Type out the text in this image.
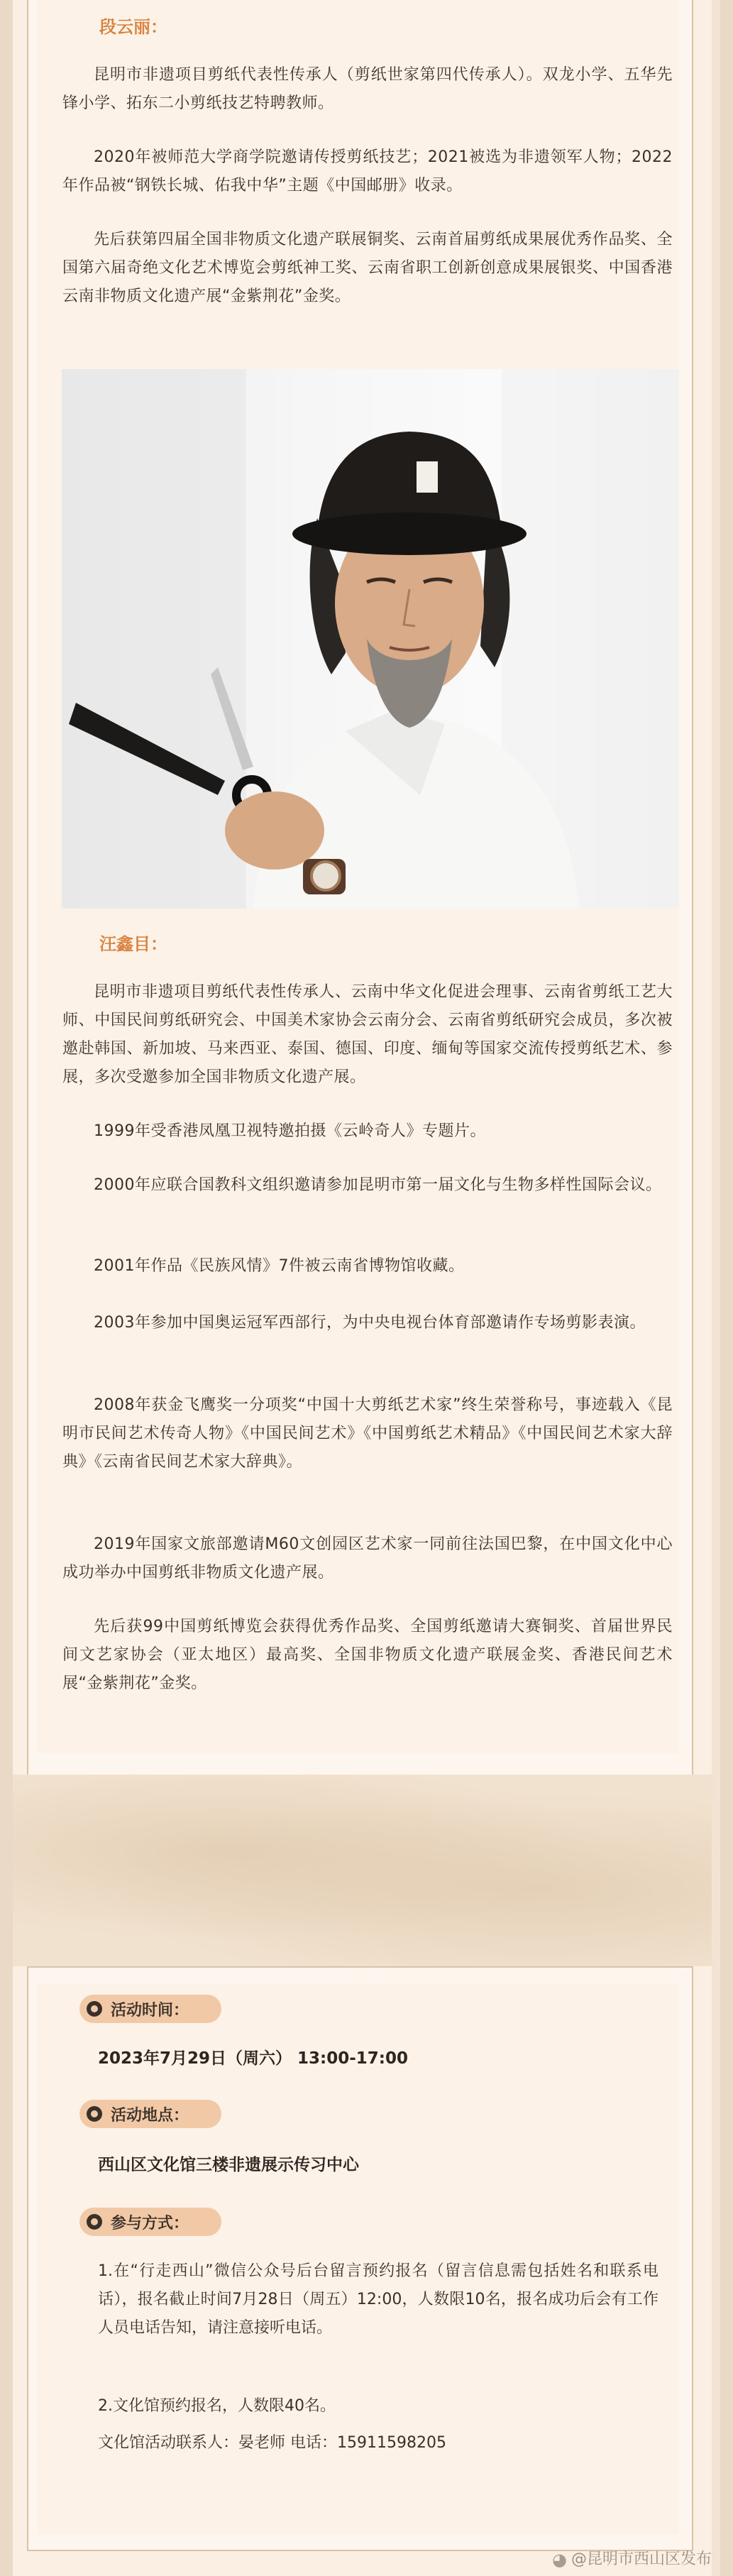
段云丽：

昆明市非遗项目剪纸代表性传承人（剪纸世家第四代传承人）。双龙小学、五华先锋小学、拓东二小剪纸技艺特聘教师。

2020年被师范大学商学院邀请传授剪纸技艺；2021被选为非遗领军人物；2022年作品被“钢铁长城、佑我中华”主题《中国邮册》收录。

先后获第四届全国非物质文化遗产联展铜奖、云南首届剪纸成果展优秀作品奖、全国第六届奇绝文化艺术博览会剪纸神工奖、云南省职工创新创意成果展银奖、中国香港云南非物质文化遗产展“金紫荆花”金奖。

汪鑫目：

昆明市非遗项目剪纸代表性传承人、云南中华文化促进会理事、云南省剪纸工艺大师、中国民间剪纸研究会、中国美术家协会云南分会、云南省剪纸研究会成员，多次被邀赴韩国、新加坡、马来西亚、泰国、德国、印度、缅甸等国家交流传授剪纸艺术、参展，多次受邀参加全国非物质文化遗产展。

1999年受香港凤凰卫视特邀拍摄《云岭奇人》专题片。

2000年应联合国教科文组织邀请参加昆明市第一届文化与生物多样性国际会议。

2001年作品《民族风情》7件被云南省博物馆收藏。

2003年参加中国奥运冠军西部行，为中央电视台体育部邀请作专场剪影表演。

2008年获金飞鹰奖一分项奖“中国十大剪纸艺术家”终生荣誉称号，事迹载入《昆明市民间艺术传奇人物》《中国民间艺术》《中国剪纸艺术精品》《中国民间艺术家大辞典》《云南省民间艺术家大辞典》。

2019年国家文旅部邀请M60文创园区艺术家一同前往法国巴黎，在中国文化中心成功举办中国剪纸非物质文化遗产展。

先后获99中国剪纸博览会获得优秀作品奖、全国剪纸邀请大赛铜奖、首届世界民间文艺家协会（亚太地区）最高奖、全国非物质文化遗产联展金奖、香港民间艺术展“金紫荆花”金奖。

活动时间：
2023年7月29日（周六） 13:00-17:00
活动地点：
西山区文化馆三楼非遗展示传习中心
参与方式：

1.在“行走西山”微信公众号后台留言预约报名（留言信息需包括姓名和联系电话），报名截止时间7月28日（周五）12:00，人数限10名，报名成功后会有工作人员电话告知，请注意接听电话。

2.文化馆预约报名，人数限40名。
文化馆活动联系人：晏老师 电话：15911598205
◕ @昆明市西山区发布
